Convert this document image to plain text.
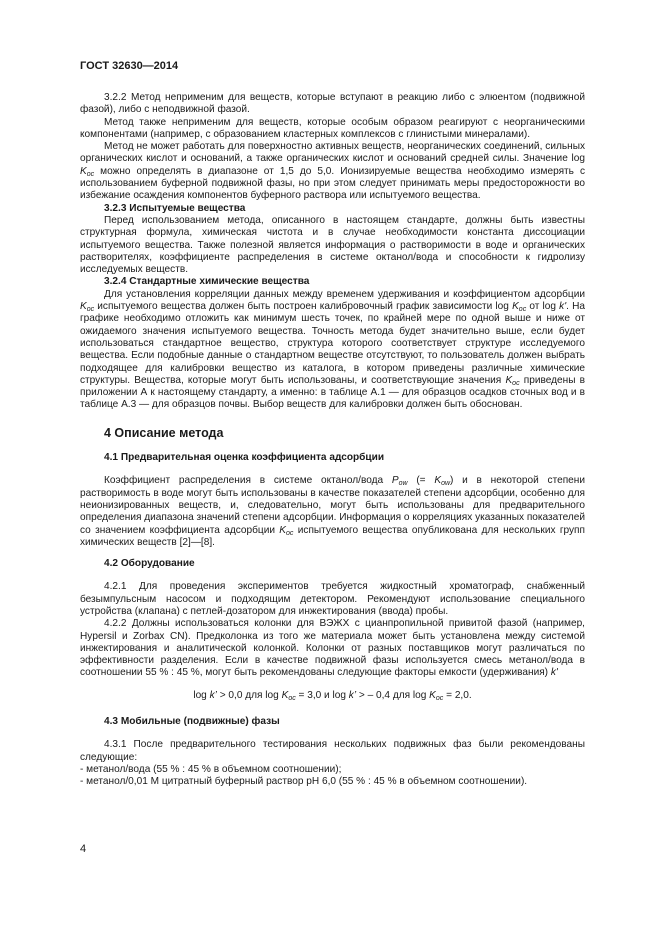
ГОСТ 32630—2014

3.2.2 Метод неприменим для веществ, которые вступают в реакцию либо с элюентом (подвижной фазой), либо с неподвижной фазой.

Метод также неприменим для веществ, которые особым образом реагируют с неорганическими компонентами (например, с образованием кластерных комплексов с глинистыми минералами).

Метод не может работать для поверхностно активных веществ, неорганических соединений, сильных органических кислот и оснований, а также органических кислот и оснований средней силы. Значение $\log K_{oc}$ можно определять в диапазоне от 1,5 до 5,0. Ионизируемые вещества необходимо измерять с использованием буферной подвижной фазы, но при этом следует принимать меры предосторожности во избежание осаждения компонентов буферного раствора или испытуемого вещества.

3.2.3 Испытуемые вещества

Перед использованием метода, описанного в настоящем стандарте, должны быть известны структурная формула, химическая чистота и в случае необходимости константа диссоциации испытуемого вещества. Также полезной является информация о растворимости в воде и органических растворителях, коэффициенте распределения в системе октанол/вода и способности к гидролизу исследуемых веществ.

3.2.4 Стандартные химические вещества

Для установления корреляции данных между временем удерживания и коэффициентом адсорбции $K_{oc}$ испытуемого вещества должен быть построен калибровочный график зависимости $\log K_{oc}$ от log k'. На графике необходимо отложить как минимум шесть точек, по крайней мере по одной выше и ниже от ожидаемого значения испытуемого вещества. Точность метода будет значительно выше, если будет использоваться стандартное вещество, структура которого соответствует структуре исследуемого вещества. Если подобные данные о стандартном веществе отсутствуют, то пользователь должен выбрать подходящее для калибровки вещество из каталога, в котором приведены различные химические структуры. Вещества, которые могут быть использованы, и соответствующие значения $K_{oc}$ приведены в приложении А к настоящему стандарту, а именно: в таблице А.1 — для образцов осадков сточных вод и в таблице А.3 — для образцов почвы. Выбор веществ для калибровки должен быть обоснован.

4 Описание метода
4.1 Предварительная оценка коэффициента адсорбции

Коэффициент распределения в системе октанол/вода $P_{ow}$ (= $K_{ow}$) и в некоторой степени растворимость в воде могут быть использованы в качестве показателей степени адсорбции, особенно для неионизированных веществ, и, следовательно, могут быть использованы для предварительного определения диапазона значений степени адсорбции. Информация о корреляциях указанных показателей со значением коэффициента адсорбции $K_{oc}$ испытуемого вещества опубликована для нескольких групп химических веществ [2]—[8].

4.2 Оборудование

4.2.1 Для проведения экспериментов требуется жидкостный хроматограф, снабженный безымпульсным насосом и подходящим детектором. Рекомендуют использование специального устройства (клапана) с петлей-дозатором для инжектирования (ввода) пробы.

4.2.2 Должны использоваться колонки для ВЭЖХ с цианпропильной привитой фазой (например, Hypersil и Zorbax CN). Предколонка из того же материала может быть установлена между системой инжектирования и аналитической колонкой. Колонки от разных поставщиков могут различаться по эффективности разделения. Если в качестве подвижной фазы используется смесь метанол/вода в соотношении 55 % : 45 %, могут быть рекомендованы следующие факторы емкости (удерживания) k'

log k’ > 0,0 для $\log K_{oc} = 3,0$ и log k’ > – 0,4 для $\log K_{oc} = 2,0$.

4.3 Мобильные (подвижные) фазы

4.3.1 После предварительного тестирования нескольких подвижных фаз были рекомендованы следующие:

- метанол/вода (55 % : 45 % в объемном соотношении);

- метанол/0,01 М цитратный буферный раствор рН 6,0 (55 % : 45 % в объемном соотношении).

4
